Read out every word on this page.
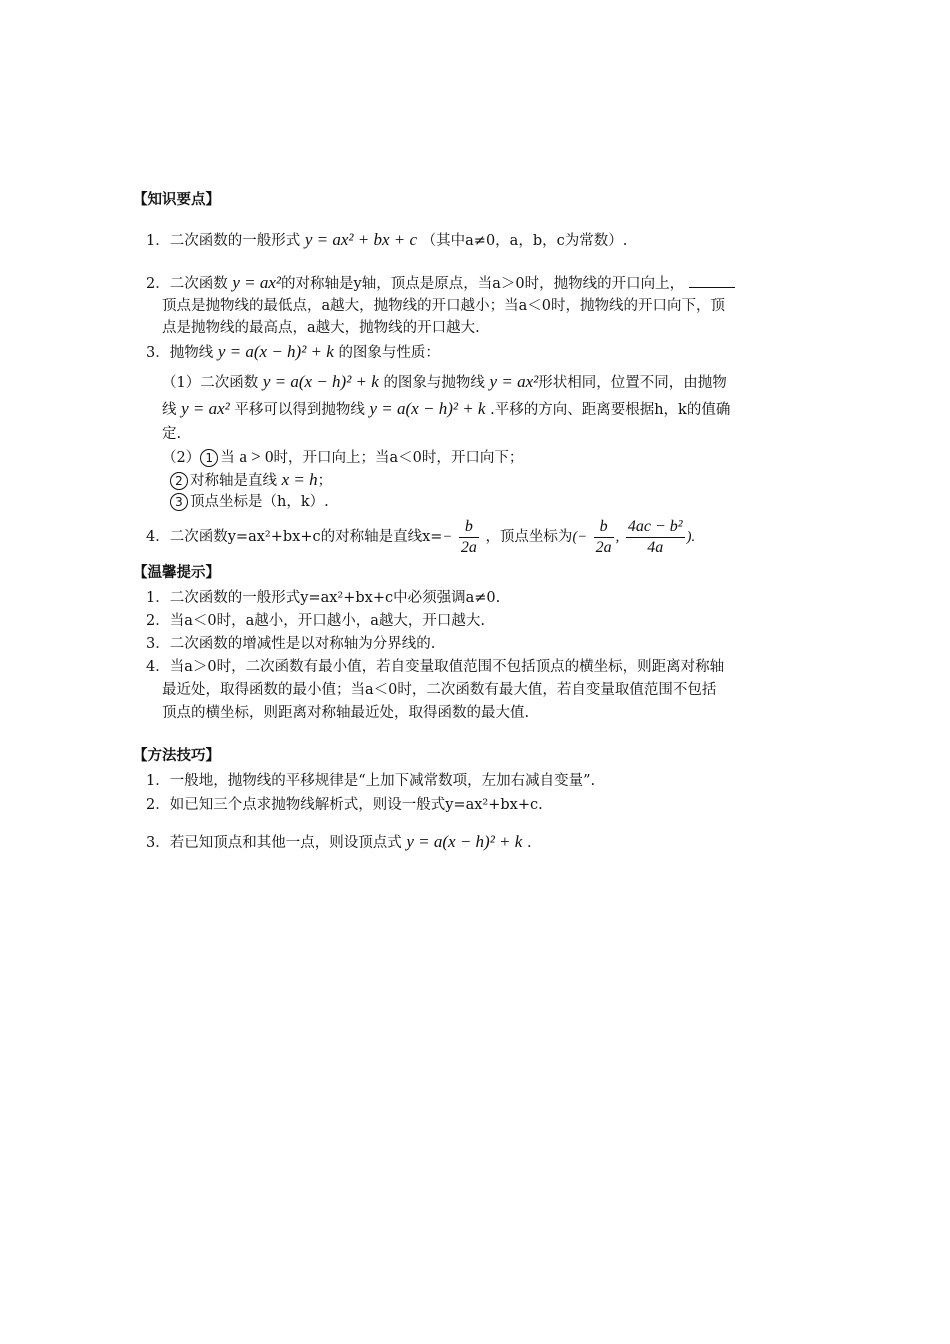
【知识要点】
1．二次函数的一般形式 y = ax² + bx + c （其中a≠0，a，b，c为常数）.
2．二次函数 y = ax²的对称轴是y轴，顶点是原点，当a＞0时，抛物线的开口向上，
顶点是抛物线的最低点，a越大，抛物线的开口越小；当a＜0时，抛物线的开口向下，顶
点是抛物线的最高点，a越大，抛物线的开口越大.
3．抛物线 y = a(x − h)² + k 的图象与性质：
（1）二次函数 y = a(x − h)² + k 的图象与抛物线 y = ax²形状相同，位置不同，由抛物
线 y = ax² 平移可以得到抛物线 y = a(x − h)² + k .平移的方向、距离要根据h，k的值确
定.
（2） 1 当 a > 0时，开口向上；当a＜0时，开口向下；
2 对称轴是直线 x = h；
3 顶点坐标是（h，k）.
4．二次函数y=ax²+bx+c的对称轴是直线$x=- \frac{b}{2a}$ ，顶点坐标为(− $\frac{b}{2a}$ , $\frac{\text{4ac − b²}}{4a}$ ).
【温馨提示】
1．二次函数的一般形式y=ax²+bx+c中必须强调a≠0.
2．当a＜0时，a越小，开口越小，a越大，开口越大.
3．二次函数的增减性是以对称轴为分界线的.
4．当a＞0时，二次函数有最小值，若自变量取值范围不包括顶点的横坐标，则距离对称轴
最近处，取得函数的最小值；当a＜0时，二次函数有最大值，若自变量取值范围不包括
顶点的横坐标，则距离对称轴最近处，取得函数的最大值.
【方法技巧】
1．一般地，抛物线的平移规律是“上加下减常数项，左加右减自变量”.
2．如已知三个点求抛物线解析式，则设一般式y=ax²+bx+c.
3．若已知顶点和其他一点，则设顶点式 y = a(x − h)² + k .
